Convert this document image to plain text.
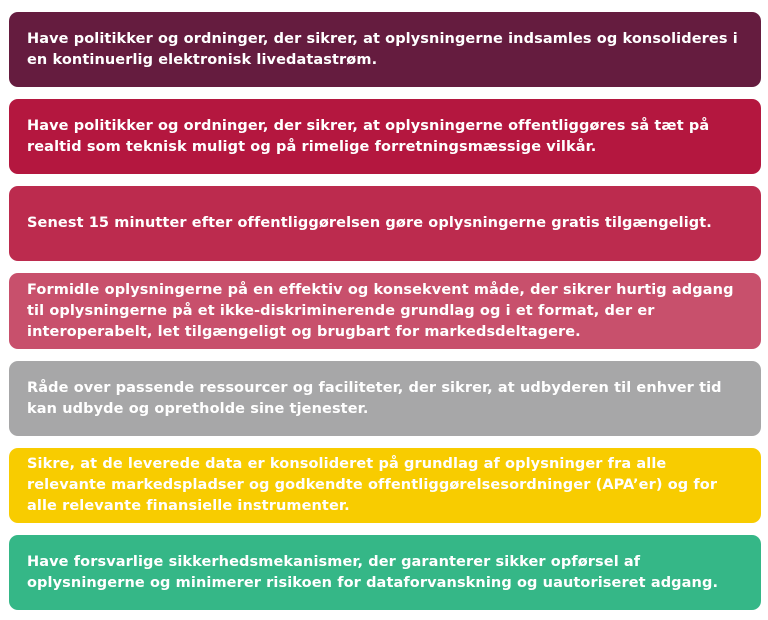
Have politikker og ordninger, der sikrer, at oplysningerne indsamles og konsolideres i en kontinuerlig elektronisk livedatastrøm.
Have politikker og ordninger, der sikrer, at oplysningerne offentliggøres så tæt på realtid som teknisk muligt og på rimelige forretningsmæssige vilkår.
Senest 15 minutter efter offentliggørelsen gøre oplysningerne gratis tilgængeligt.
Formidle oplysningerne på en effektiv og konsekvent måde, der sikrer hurtig adgang til oplysningerne på et ikke-diskriminerende grundlag og i et format, der er interoperabelt, let tilgængeligt og brugbart for markedsdeltagere.
Råde over passende ressourcer og faciliteter, der sikrer, at udbyderen til enhver tid kan udbyde og opretholde sine tjenester.
Sikre, at de leverede data er konsolideret på grundlag af oplysninger fra alle relevante markedspladser og godkendte offentliggørelsesordninger (APA’er) og for alle relevante finansielle instrumenter.
Have forsvarlige sikkerhedsmekanismer, der garanterer sikker opførsel af oplysningerne og minimerer risikoen for dataforvanskning og uautoriseret adgang.
